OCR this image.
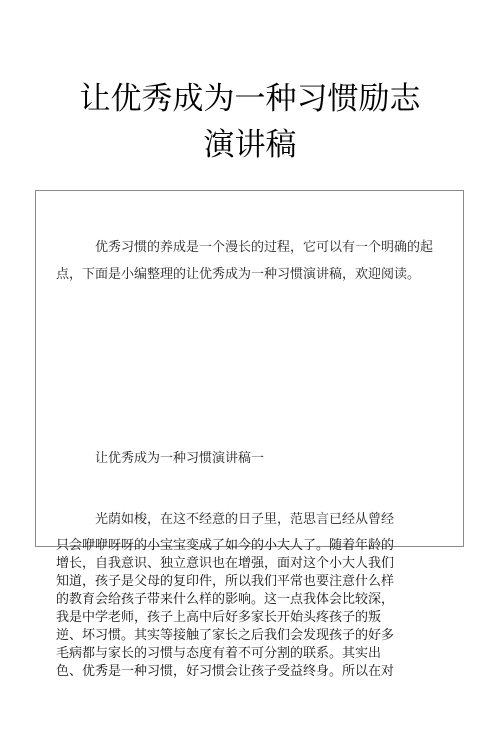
让优秀成为一种习惯励志
演讲稿

优秀习惯的养成是一个漫长的过程，它可以有一个明确的起点，下面是小编整理的让优秀成为一种习惯演讲稿，欢迎阅读。

让优秀成为一种习惯演讲稿一

光荫如梭，在这不经意的日子里，范思言已经从曾经

只会咿咿呀呀的小宝宝变成了如今的小大人了。随着年龄的
增长，自我意识、独立意识也在增强，面对这个小大人我们
知道，孩子是父母的复印件，所以我们平常也要注意什么样
的教育会给孩子带来什么样的影响。这一点我体会比较深，
我是中学老师，孩子上高中后好多家长开始头疼孩子的叛
逆、坏习惯。其实等接触了家长之后我们会发现孩子的好多
毛病都与家长的习惯与态度有着不可分割的联系。其实出
色、优秀是一种习惯，好习惯会让孩子受益终身。所以在对
